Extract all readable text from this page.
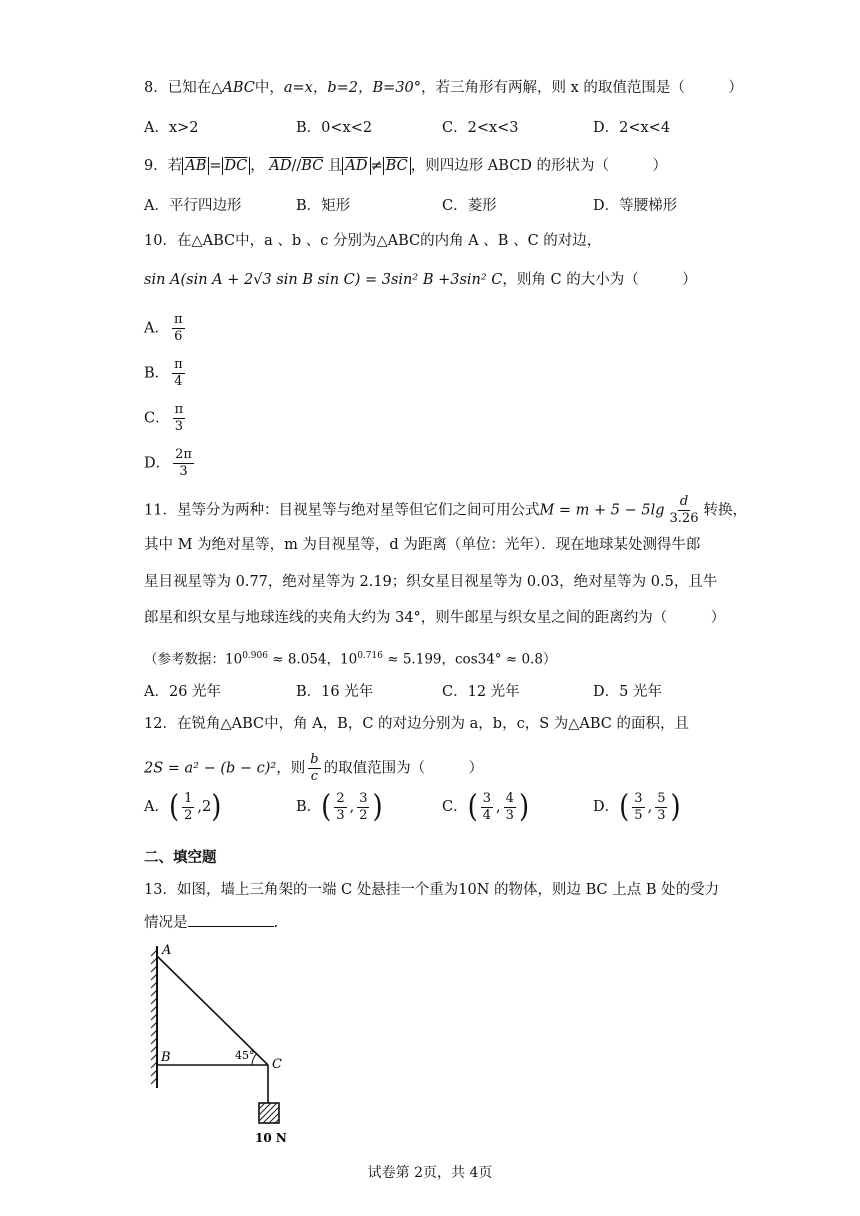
8．已知在△ABC中，a=x，b=2，B=30°，若三角形有两解，则 x 的取值范围是（　　　）
A．x>2	B．0<x<2	C．2<x<3	D．2<x<4
9．若 $\overline{AB} = \overline{DC}$ ， $\overline{AD}//\overline{BC}$ 且 $\overline{AD} \ne \overline{BC}$ ，则四边形 ABCD 的形状为（　　　）
A．平行四边形	B．矩形	C．菱形	D．等腰梯形
10．在△ABC中，a 、b 、c 分别为△ABC的内角 A 、B 、C 的对边，
sin A(sin A + 2√3 sin B sin C) = 3sin² B +3sin² C，则角 C 的大小为（　　　）
A． $\frac{\pi}{6}$
B． $\frac{\pi}{4}$
C． $\frac{\pi}{3}$
D． $\frac{2\pi}{3}$
11．星等分为两种：目视星等与绝对星等但它们之间可用公式$M = m + 5 - 5\lg \frac{d}{3.26}$ 转换，
其中 M 为绝对星等，m 为目视星等，d 为距离（单位：光年）．现在地球某处测得牛郎
星目视星等为 0.77，绝对星等为 2.19；织女星目视星等为 0.03，绝对星等为 0.5，且牛
郎星和织女星与地球连线的夹角大约为 34°，则牛郎星与织女星之间的距离约为（　　　）
（参考数据：$10^{0.906} \approx 8.054$，$10^{0.716} \approx 5.199$，cos34° ≈ 0.8）
A．26 光年	B．16 光年	C．12 光年	D．5 光年
12．在锐角△ABC中，角 A，B，C 的对边分别为 a，b，c，S 为△ABC 的面积，且
2S = a² − (b − c)²，则 $\frac{b}{c}$ 的取值范围为（　　　）
A． ( $\frac{1}{2} ,2$ )	B． ( $\frac{2}{3}$ , $\frac{3}{2}$ )	C． ( $\frac{3}{4}$ , $\frac{4}{3}$ )	D． ( $\frac{3}{5}$ , $\frac{5}{3}$ )
二、填空题
13．如图，墙上三角架的一端 C 处悬挂一个重为10N 的物体，则边 BC 上点 B 处的受力
情况是	.
A
B	C
45°
10 N
试卷第 2页，共 4页
